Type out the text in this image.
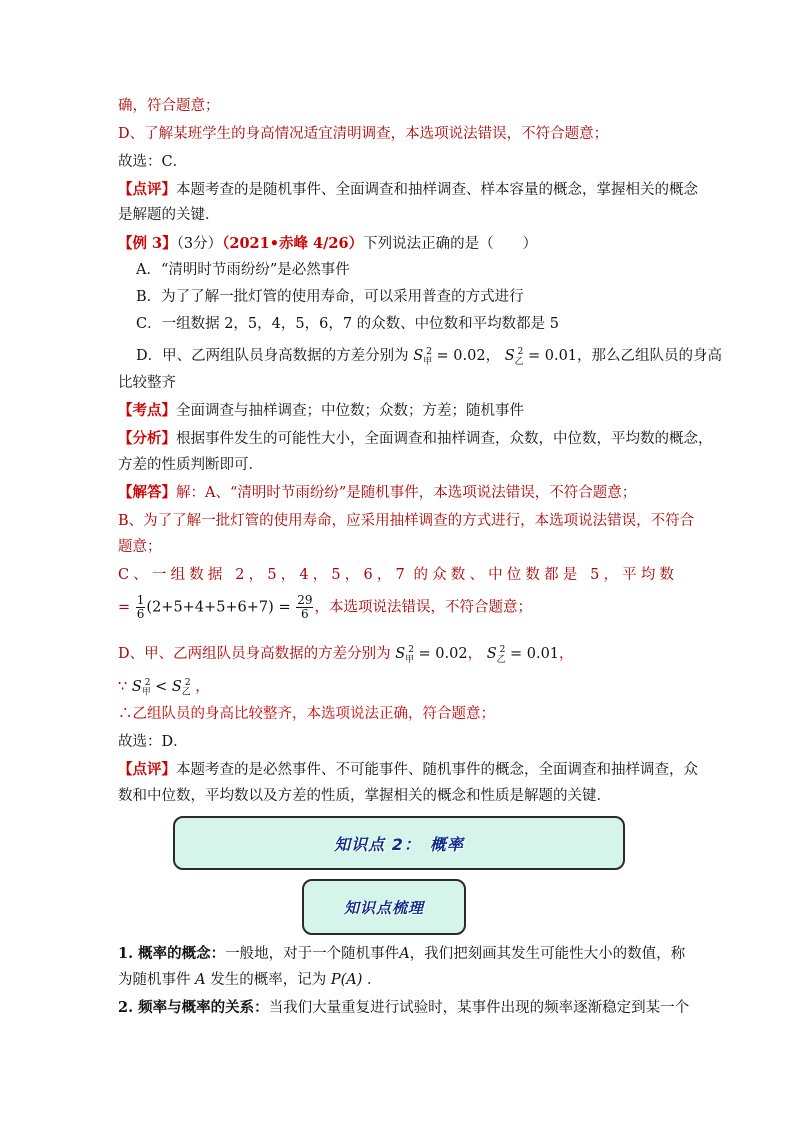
确，符合题意；
D、了解某班学生的身高情况适宜清明调查，本选项说法错误，不符合题意；
故选：C．
【点评】本题考查的是随机事件、全面调查和抽样调查、样本容量的概念，掌握相关的概念
是解题的关键．
【例 3】（3分）（2021•赤峰 4/26）下列说法正确的是（　　）
A．“清明时节雨纷纷”是必然事件
B．为了了解一批灯管的使用寿命，可以采用普查的方式进行
C．一组数据 2，5，4，5，6，7 的众数、中位数和平均数都是 5
D．甲、乙两组队员身高数据的方差分别为 $S_甲^2 = 0.02$， $S_乙^2 = 0.01$，那么乙组队员的身高
比较整齐
【考点】全面调查与抽样调查；中位数；众数；方差；随机事件
【分析】根据事件发生的可能性大小，全面调查和抽样调查，众数，中位数，平均数的概念，
方差的性质判断即可．
【解答】解：A、“清明时节雨纷纷”是随机事件，本选项说法错误，不符合题意；
B、为了了解一批灯管的使用寿命，应采用抽样调查的方式进行，本选项说法错误，不符合
题意；
C、一组数据 2，5，4，5，6，7 的众数、中位数都是 5，平均数
= $\frac{1}{6} (2+5+4+5+6+7) = \frac{29}{6}$ ，本选项说法错误，不符合题意；
D、甲、乙两组队员身高数据的方差分别为 $S_甲^2 = 0.02$， $S_乙^2 = 0.01$，
∵ $S_甲^2 < S_乙^2$ ，
∴乙组队员的身高比较整齐，本选项说法正确，符合题意；
故选：D．
【点评】本题考查的是必然事件、不可能事件、随机事件的概念，全面调查和抽样调查，众
数和中位数，平均数以及方差的性质，掌握相关的概念和性质是解题的关键．
知识点 2：　概率
知识点梳理
1. 概率的概念：一般地，对于一个随机事件A，我们把刻画其发生可能性大小的数值，称
为随机事件 A 发生的概率，记为 P(A) ．
2. 频率与概率的关系：当我们大量重复进行试验时，某事件出现的频率逐渐稳定到某一个
